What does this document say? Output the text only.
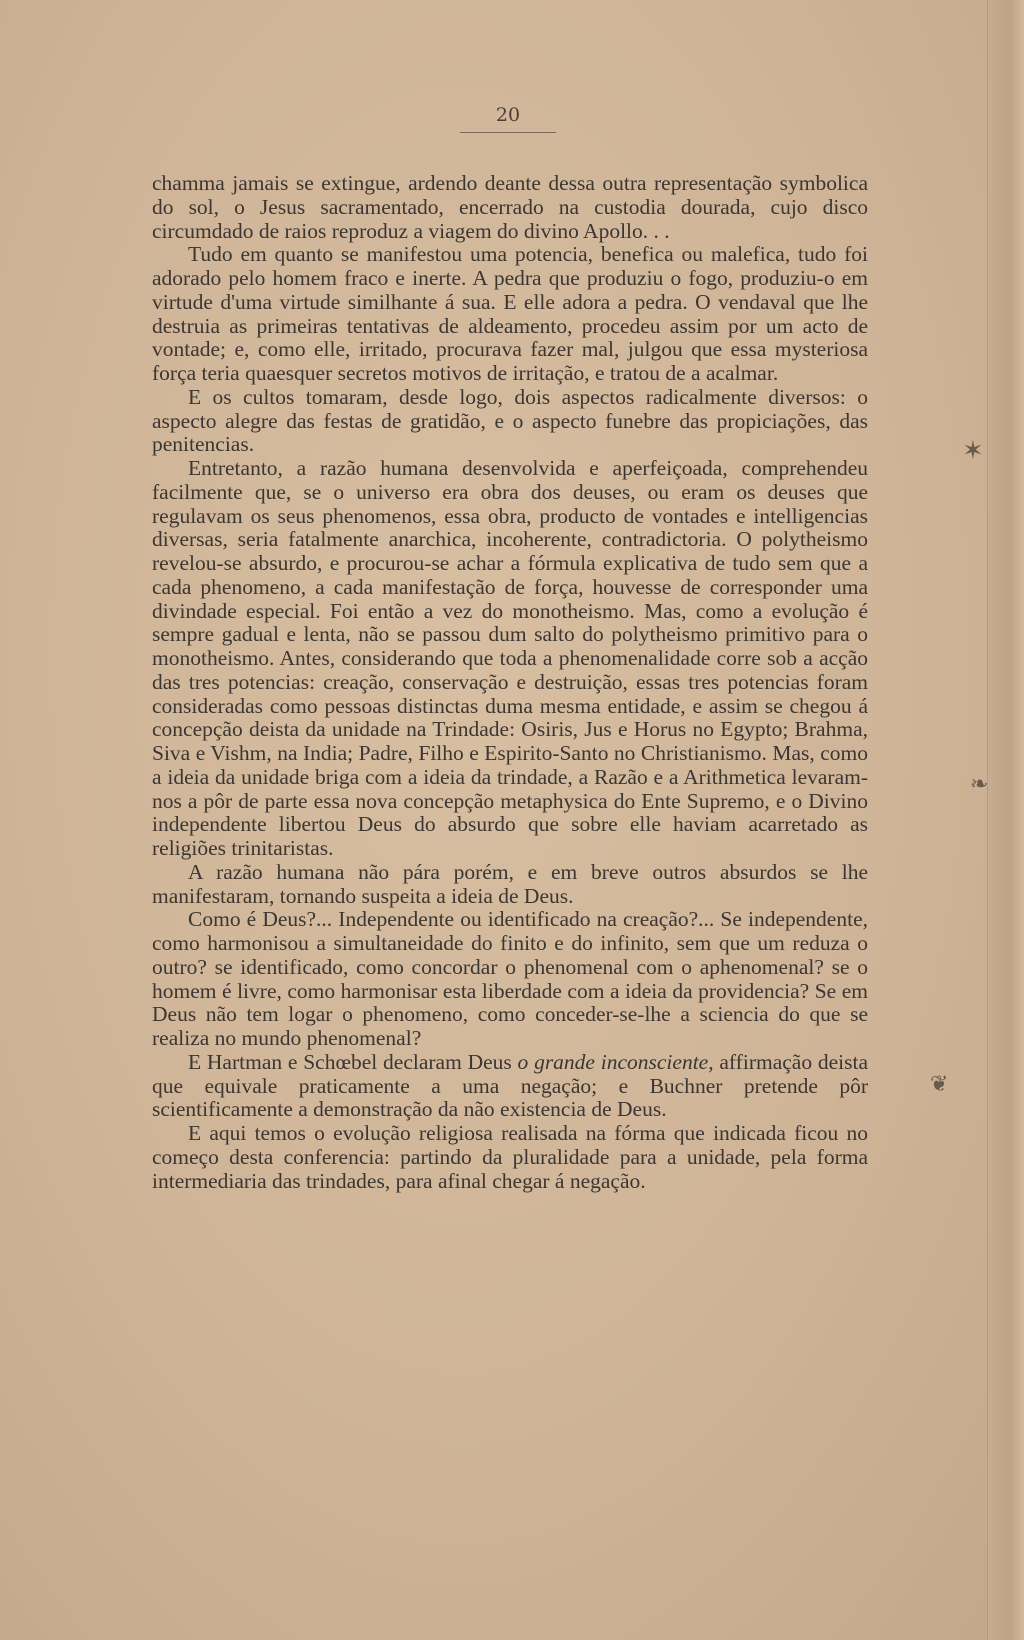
✶
❧
❦
20

chamma jamais se extingue, ardendo deante dessa outra representação symbolica do sol, o Jesus sacramentado, encerrado na custodia dourada, cujo disco circumdado de raios reproduz a viagem do divino Apollo. . .

Tudo em quanto se manifestou uma potencia, benefica ou malefica, tudo foi adorado pelo homem fraco e inerte. A pedra que produziu o fogo, produziu-o em virtude d'uma virtude similhante á sua. E elle adora a pedra. O vendaval que lhe destruia as primeiras tentativas de aldeamento, procedeu assim por um acto de vontade; e, como elle, irritado, procurava fazer mal, julgou que essa mysteriosa força teria quaesquer secretos motivos de irritação, e tratou de a acalmar.

E os cultos tomaram, desde logo, dois aspectos radicalmente diversos: o aspecto alegre das festas de gratidão, e o aspecto funebre das propiciações, das penitencias.

Entretanto, a razão humana desenvolvida e aperfeiçoada, comprehendeu facilmente que, se o universo era obra dos deuses, ou eram os deuses que regulavam os seus phenomenos, essa obra, producto de vontades e intelligencias diversas, seria fatalmente anarchica, incoherente, contradictoria. O polytheismo revelou-se absurdo, e procurou-se achar a fórmula explicativa de tudo sem que a cada phenomeno, a cada manifestação de força, houvesse de corresponder uma divindade especial. Foi então a vez do monotheismo. Mas, como a evolução é sempre gadual e lenta, não se passou dum salto do polytheismo primitivo para o monotheismo. Antes, considerando que toda a phenomenalidade corre sob a acção das tres potencias: creação, conservação e destruição, essas tres potencias foram consideradas como pessoas distinctas duma mesma entidade, e assim se chegou á concepção deista da unidade na Trindade: Osiris, Jus e Horus no Egypto; Brahma, Siva e Vishm, na India; Padre, Filho e Espirito-Santo no Christianismo. Mas, como a ideia da unidade briga com a ideia da trindade, a Razão e a Arithmetica levaram-nos a pôr de parte essa nova concepção metaphysica do Ente Supremo, e o Divino independente libertou Deus do absurdo que sobre elle haviam acarretado as religiões trinitaristas.

A razão humana não pára porém, e em breve outros absurdos se lhe manifestaram, tornando suspeita a ideia de Deus.

Como é Deus?... Independente ou identificado na creação?... Se independente, como harmonisou a simultaneidade do finito e do infinito, sem que um reduza o outro? se identificado, como concordar o phenomenal com o aphenomenal? se o homem é livre, como harmonisar esta liberdade com a ideia da providencia? Se em Deus não tem logar o phenomeno, como conceder-se-lhe a sciencia do que se realiza no mundo phenomenal?

E Hartman e Schœbel declaram Deus o grande inconsciente, affirmação deista que equivale praticamente a uma negação; e Buchner pretende pôr scientificamente a demonstração da não existencia de Deus.

E aqui temos o evolução religiosa realisada na fórma que indicada ficou no começo desta conferencia: partindo da pluralidade para a unidade, pela forma intermediaria das trindades, para afinal chegar á negação.
